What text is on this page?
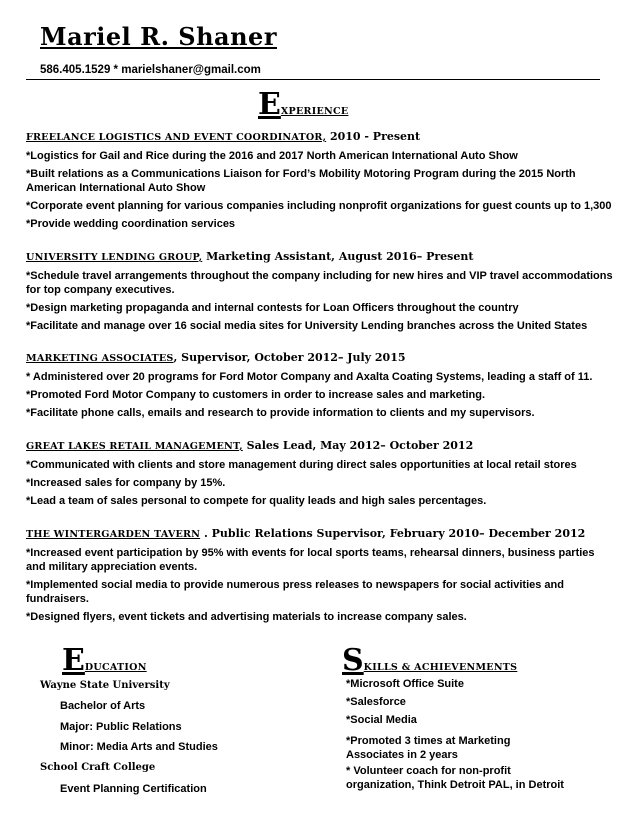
Mariel R. Shaner
586.405.1529 * marielshaner@gmail.com
EXPERIENCE
FREELANCE LOGISTICS AND EVENT COORDINATOR, 2010 - Present
*Logistics for Gail and Rice during the 2016 and 2017 North American International Auto Show
*Built relations as a Communications Liaison for Ford’s Mobility Motoring Program during the 2015 North American International Auto Show
*Corporate event planning for various companies including nonprofit organizations for guest counts up to 1,300
*Provide wedding coordination services
UNIVERSITY LENDING GROUP, Marketing Assistant, August 2016– Present
*Schedule travel arrangements throughout the company including for new hires and VIP travel accommodations for top company executives.
*Design marketing propaganda and internal contests for Loan Officers throughout the country
*Facilitate and manage over 16 social media sites for University Lending branches across the United States
MARKETING ASSOCIATES, Supervisor, October 2012– July 2015
* Administered over 20 programs for Ford Motor Company and Axalta Coating Systems, leading a staff of 11.
*Promoted Ford Motor Company to customers in order to increase sales and marketing.
*Facilitate phone calls, emails and research to provide information to clients and my supervisors.
GREAT LAKES RETAIL MANAGEMENT, Sales Lead, May 2012– October 2012
*Communicated with clients and store management during direct sales opportunities at local retail stores
*Increased sales for company by 15%.
*Lead a team of sales personal to compete for quality leads and high sales percentages.
THE WINTERGARDEN TAVERN . Public Relations Supervisor, February 2010– December 2012
*Increased event participation by 95% with events for local sports teams, rehearsal dinners, business parties and military appreciation events.
*Implemented social media to provide numerous press releases to newspapers for social activities and fundraisers.
*Designed flyers, event tickets and advertising materials to increase company sales.
EDUCATION
Wayne State University
Bachelor of Arts
Major: Public Relations
Minor: Media Arts and Studies
School Craft College
Event Planning Certification
SKILLS & ACHIEVENMENTS
*Microsoft Office Suite
*Salesforce
*Social Media
*Promoted 3 times at Marketing Associates in 2 years
* Volunteer coach for non-profit organization, Think Detroit PAL, in Detroit
